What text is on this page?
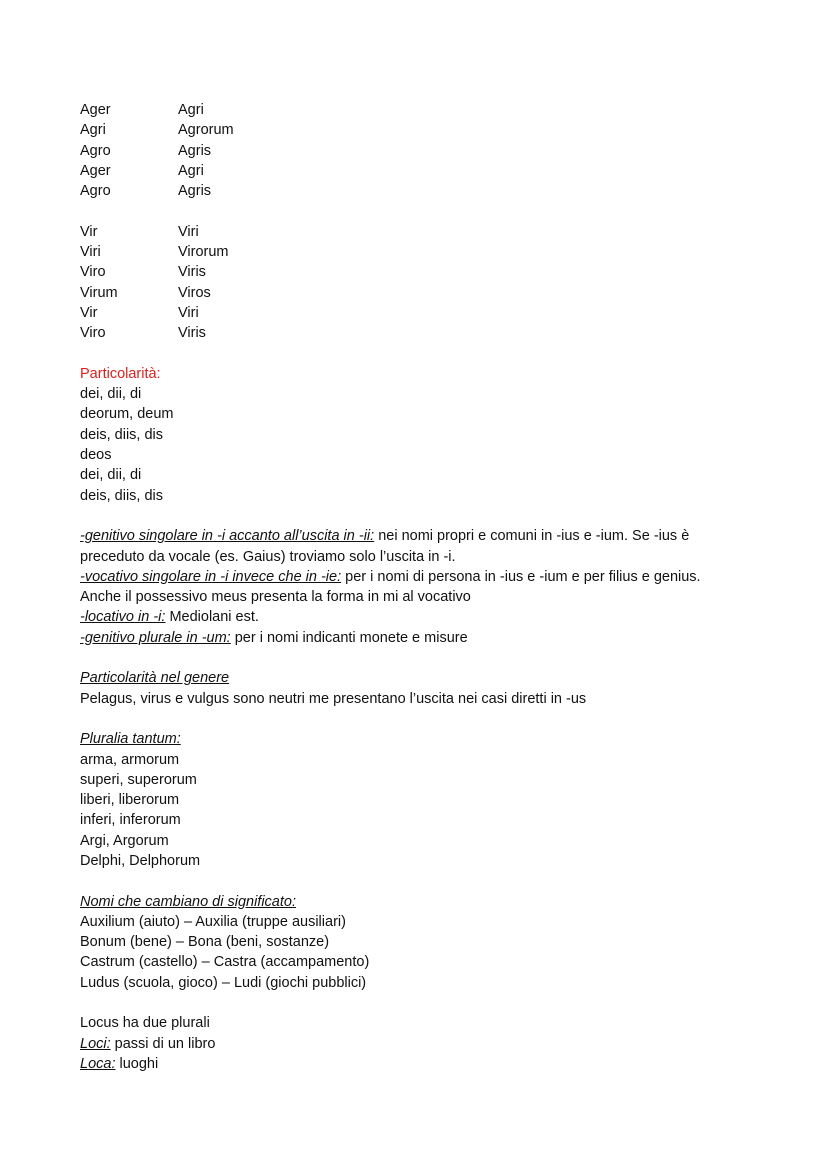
Ager	Agri
Agri	Agrorum
Agro	Agris
Ager	Agri
Agro	Agris
Vir	Viri
Viri	Virorum
Viro	Viris
Virum	Viros
Vir	Viri
Viro	Viris
Particolarità:
dei, dii, di
deorum, deum
deis, diis, dis
deos
dei, dii, di
deis, diis, dis
-genitivo singolare in -i accanto all’uscita in -ii: nei nomi propri e comuni in -ius e -ium. Se -ius è
preceduto da vocale (es. Gaius) troviamo solo l’uscita in -i.
-vocativo singolare in -i invece che in -ie: per i nomi di persona in -ius e -ium e per filius e genius.
Anche il possessivo meus presenta la forma in mi al vocativo
-locativo in -i: Mediolani est.
-genitivo plurale in -um: per i nomi indicanti monete e misure
Particolarità nel genere
Pelagus, virus e vulgus sono neutri me presentano l’uscita nei casi diretti in -us
Pluralia tantum:
arma, armorum
superi, superorum
liberi, liberorum
inferi, inferorum
Argi, Argorum
Delphi, Delphorum
Nomi che cambiano di significato:
Auxilium (aiuto) – Auxilia (truppe ausiliari)
Bonum (bene) – Bona (beni, sostanze)
Castrum (castello) – Castra (accampamento)
Ludus (scuola, gioco) – Ludi (giochi pubblici)
Locus ha due plurali
Loci: passi di un libro
Loca: luoghi
